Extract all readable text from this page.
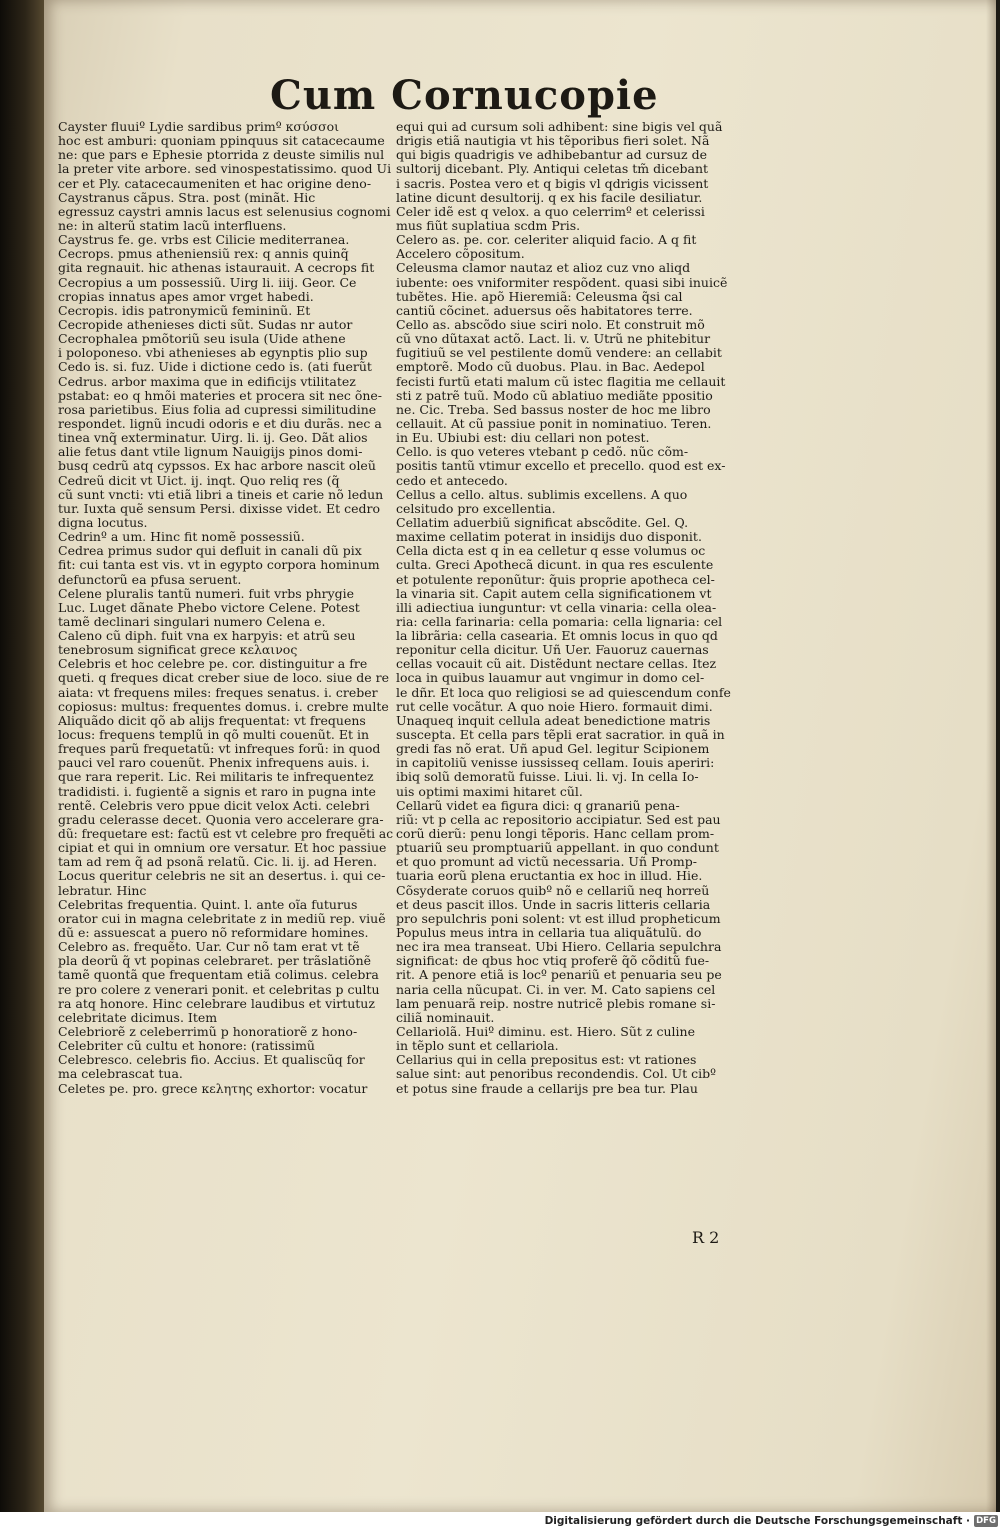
Cum Cornucopie
Cayster fluuiº Lydie sardibus primº κσύσσοι
hoc est amburi: quoniam ppinquus sit catacecaume
ne: que pars e Ephesie ptorrida z deuste similis nul
la preter vite arbore. sed vinospestatissimo. quod Ui
cer et Ply. catacecaumeniten et hac origine deno-
Caystranus cãpus. Stra. post (minãt. Hic
egressuz caystri amnis lacus est selenusius cognomi
ne: in alterũ statim lacũ interfluens.
Caystrus fe. ge. vrbs est Cilicie mediterranea.
Cecrops. pmus atheniensiũ rex: q annis quinq̃
gita regnauit. hic athenas istaurauit. A cecrops fit
Cecropius a um possessiũ. Uirg li. iiij. Geor. Ce
cropias innatus apes amor vrget habedi.
Cecropis. idis patronymicũ femininũ. Et
Cecropide athenieses dicti sũt. Sudas nr autor
Cecrophalea pmõtoriũ seu isula (Uide athene
i poloponeso. vbi athenieses ab egynptis plio sup
Cedo is. si. fuz. Uide i dictione cedo is. (ati fuerũt
Cedrus. arbor maxima que in edificijs vtilitatez
pstabat: eo q hmõi materies et procera sit nec õne-
rosa parietibus. Eius folia ad cupressi similitudine
respondet. lignũ incudi odoris e et diu durãs. nec a
tinea vnq̃ exterminatur. Uirg. li. ij. Geo. Dãt alios
alie fetus dant vtile lignum Nauigijs pinos domi-
busq cedrũ atq cypssos. Ex hac arbore nascit oleũ
Cedreũ dicit vt Uict. ij. inqt. Quo reliq res (q̃
cũ sunt vncti: vti etiã libri a tineis et carie nõ ledun
tur. Iuxta quẽ sensum Persi. dixisse videt. Et cedro
digna locutus.
Cedrinº a um. Hinc fit nomẽ possessiũ.
Cedrea primus sudor qui defluit in canali dũ pix
fit: cui tanta est vis. vt in egypto corpora hominum
defunctorũ ea pfusa seruent.
Celene pluralis tantũ numeri. fuit vrbs phrygie
Luc. Luget dãnate Phebo victore Celene. Potest
tamẽ declinari singulari numero Celena e.
Caleno cũ diph. fuit vna ex harpyis: et atrũ seu
tenebrosum significat grece κελαινος
Celebris et hoc celebre pe. cor. distinguitur a fre
queti. q freques dicat creber siue de loco. siue de re
aiata: vt frequens miles: freques senatus. i. creber
copiosus: multus: frequentes domus. i. crebre multe
Aliquãdo dicit qõ ab alijs frequentat: vt frequens
locus: frequens templũ in qõ multi couenũt. Et in
freques parũ frequetatũ: vt infreques forũ: in quod
pauci vel raro couenũt. Phenix infrequens auis. i.
que rara reperit. Lic. Rei militaris te infrequentez
tradidisti. i. fugientẽ a signis et raro in pugna inte
rentẽ. Celebris vero ppue dicit velox Acti. celebri
gradu celerasse decet. Quonia vero accelerare gra-
dũ: frequetare est: factũ est vt celebre pro frequẽti ac
cipiat et qui in omnium ore versatur. Et hoc passiue
tam ad rem q̃ ad psonã relatũ. Cic. li. ij. ad Heren.
Locus queritur celebris ne sit an desertus. i. qui ce-
lebratur. Hinc
Celebritas frequentia. Quint. l. ante oĩa futurus
orator cui in magna celebritate z in mediũ rep. viuẽ
dũ e: assuescat a puero nõ reformidare homines.
Celebro as. frequẽto. Uar. Cur nõ tam erat vt tẽ
pla deorũ q̃ vt popinas celebraret. per trãslatiõnẽ
tamẽ quontã que frequentam etiã colimus. celebra
re pro colere z venerari ponit. et celebritas p cultu
ra atq honore. Hinc celebrare laudibus et virtutuz
celebritate dicimus. Item
Celebriorẽ z celeberrimũ p honoratiorẽ z hono-
Celebriter cũ cultu et honore: (ratissimũ
Celebresco. celebris fio. Accius. Et qualiscũq for
ma celebrascat tua.
Celetes pe. pro. grece κελητης exhortor: vocatur
equi qui ad cursum soli adhibent: sine bigis vel quã
drigis etiã nautigia vt his tẽporibus fieri solet. Nã
qui bigis quadrigis ve adhibebantur ad cursuz de
sultorij dicebant. Ply. Antiqui celetas tm̃ dicebant
i sacris. Postea vero et q bigis vl qdrigis vicissent
latine dicunt desultorij. q ex his facile desiliatur.
Celer idẽ est q velox. a quo celerrimº et celerissi
mus fiũt suplatiua scdm Pris.
Celero as. pe. cor. celeriter aliquid facio. A q fit
Accelero cõpositum.
Celeusma clamor nautaz et alioz cuz vno aliqd
iubente: oes vniformiter respõdent. quasi sibi inuicẽ
tubẽtes. Hie. apõ Hieremiã: Celeusma q̃si cal
cantiũ cõcinet. aduersus oẽs habitatores terre.
Cello as. abscõdo siue sciri nolo. Et construit mõ
cũ vno dũtaxat actõ. Lact. li. v. Utrũ ne phitebitur
fugitiuũ se vel pestilente domũ vendere: an cellabit
emptorẽ. Modo cũ duobus. Plau. in Bac. Aedepol
fecisti furtũ etati malum cũ istec flagitia me cellauit
sti z patrẽ tuũ. Modo cũ ablatiuo mediãte ppositio
ne. Cic. Treba. Sed bassus noster de hoc me libro
cellauit. At cũ passiue ponit in nominatiuo. Teren.
in Eu. Ubiubi est: diu cellari non potest.
Cello. is quo veteres vtebant p cedõ. nũc cõm-
positis tantũ vtimur excello et precello. quod est ex-
cedo et antecedo.
Cellus a cello. altus. sublimis excellens. A quo
celsitudo pro excellentia.
Cellatim aduerbiũ significat abscõdite. Gel. Q.
maxime cellatim poterat in insidijs duo disponit.
Cella dicta est q in ea celletur q esse volumus oc
culta. Greci Apothecã dicunt. in qua res esculente
et potulente reponũtur: q̃uis proprie apotheca cel-
la vinaria sit. Capit autem cella significationem vt
illi adiectiua iunguntur: vt cella vinaria: cella olea-
ria: cella farinaria: cella pomaria: cella lignaria: cel
la librãria: cella casearia. Et omnis locus in quo qd
reponitur cella dicitur. Uñ Uer. Fauoruz cauernas
cellas vocauit cũ ait. Distẽdunt nectare cellas. Itez
loca in quibus lauamur aut vngimur in domo cel-
le dñr. Et loca quo religiosi se ad quiescendum confe
rut celle vocãtur. A quo noie Hiero. formauit dimi.
Unaqueq inquit cellula adeat benedictione matris
suscepta. Et cella pars tẽpli erat sacratior. in quã in
gredi fas nõ erat. Uñ apud Gel. legitur Scipionem
in capitoliũ venisse iussisseq cellam. Iouis aperiri:
ibiq solũ demoratũ fuisse. Liui. li. vj. In cella Io-
uis optimi maximi hitaret cũl.
Cellarũ videt ea figura dici: q granariũ pena-
riũ: vt p cella ac repositorio accipiatur. Sed est pau
corũ dierũ: penu longi tẽporis. Hanc cellam prom-
ptuariũ seu promptuariũ appellant. in quo condunt
et quo promunt ad victũ necessaria. Uñ Promp-
tuaria eorũ plena eructantia ex hoc in illud. Hie.
Cõsyderate coruos quibº nõ e cellariũ neq horreũ
et deus pascit illos. Unde in sacris litteris cellaria
pro sepulchris poni solent: vt est illud propheticum
Populus meus intra in cellaria tua aliquãtulũ. do
nec ira mea transeat. Ubi Hiero. Cellaria sepulchra
significat: de qbus hoc vtiq proferẽ q̃õ cõditũ fue-
rit. A penore etiã is locº penariũ et penuaria seu pe
naria cella nũcupat. Ci. in ver. M. Cato sapiens cel
lam penuarã reip. nostre nutricẽ plebis romane si-
ciliã nominauit.
Cellariolã. Huiº diminu. est. Hiero. Sũt z culine
in tẽplo sunt et cellariola.
Cellarius qui in cella prepositus est: vt rationes
salue sint: aut penoribus recondendis. Col. Ut cibº
et potus sine fraude a cellarijs pre bea tur. Plau
R 2
Digitalisierung gefördert durch die Deutsche Forschungsgemeinschaft · DFG
